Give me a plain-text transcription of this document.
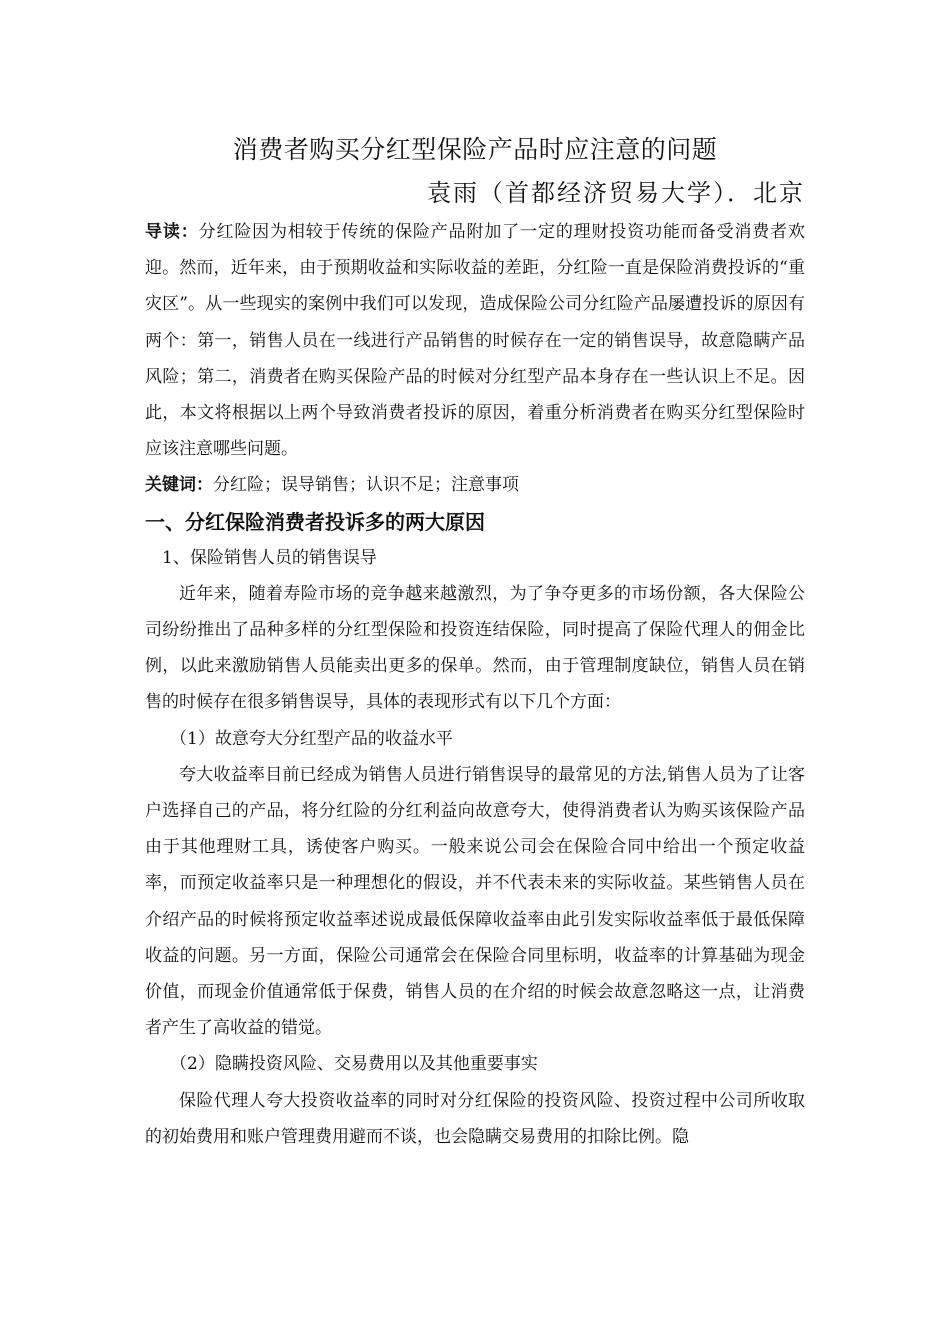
消费者购买分红型保险产品时应注意的问题
袁雨（首都经济贸易大学）．北京

导读：分红险因为相较于传统的保险产品附加了一定的理财投资功能而备受消费者欢迎。然而，近年来，由于预期收益和实际收益的差距，分红险一直是保险消费投诉的“重灾区”。从一些现实的案例中我们可以发现，造成保险公司分红险产品屡遭投诉的原因有两个：第一，销售人员在一线进行产品销售的时候存在一定的销售误导，故意隐瞒产品风险；第二，消费者在购买保险产品的时候对分红型产品本身存在一些认识上不足。因此，本文将根据以上两个导致消费者投诉的原因，着重分析消费者在购买分红型保险时应该注意哪些问题。

关键词：分红险；误导销售；认识不足；注意事项

一、分红保险消费者投诉多的两大原因

1、保险销售人员的销售误导

近年来，随着寿险市场的竞争越来越激烈，为了争夺更多的市场份额，各大保险公司纷纷推出了品种多样的分红型保险和投资连结保险，同时提高了保险代理人的佣金比例，以此来激励销售人员能卖出更多的保单。然而，由于管理制度缺位，销售人员在销售的时候存在很多销售误导，具体的表现形式有以下几个方面：

（1）故意夸大分红型产品的收益水平

夸大收益率目前已经成为销售人员进行销售误导的最常见的方法,销售人员为了让客户选择自己的产品，将分红险的分红利益向故意夸大，使得消费者认为购买该保险产品由于其他理财工具，诱使客户购买。一般来说公司会在保险合同中给出一个预定收益率，而预定收益率只是一种理想化的假设，并不代表未来的实际收益。某些销售人员在介绍产品的时候将预定收益率述说成最低保障收益率由此引发实际收益率低于最低保障收益的问题。另一方面，保险公司通常会在保险合同里标明，收益率的计算基础为现金价值，而现金价值通常低于保费，销售人员的在介绍的时候会故意忽略这一点，让消费者产生了高收益的错觉。

（2）隐瞒投资风险、交易费用以及其他重要事实

保险代理人夸大投资收益率的同时对分红保险的投资风险、投资过程中公司所收取的初始费用和账户管理费用避而不谈，也会隐瞒交易费用的扣除比例。隐
